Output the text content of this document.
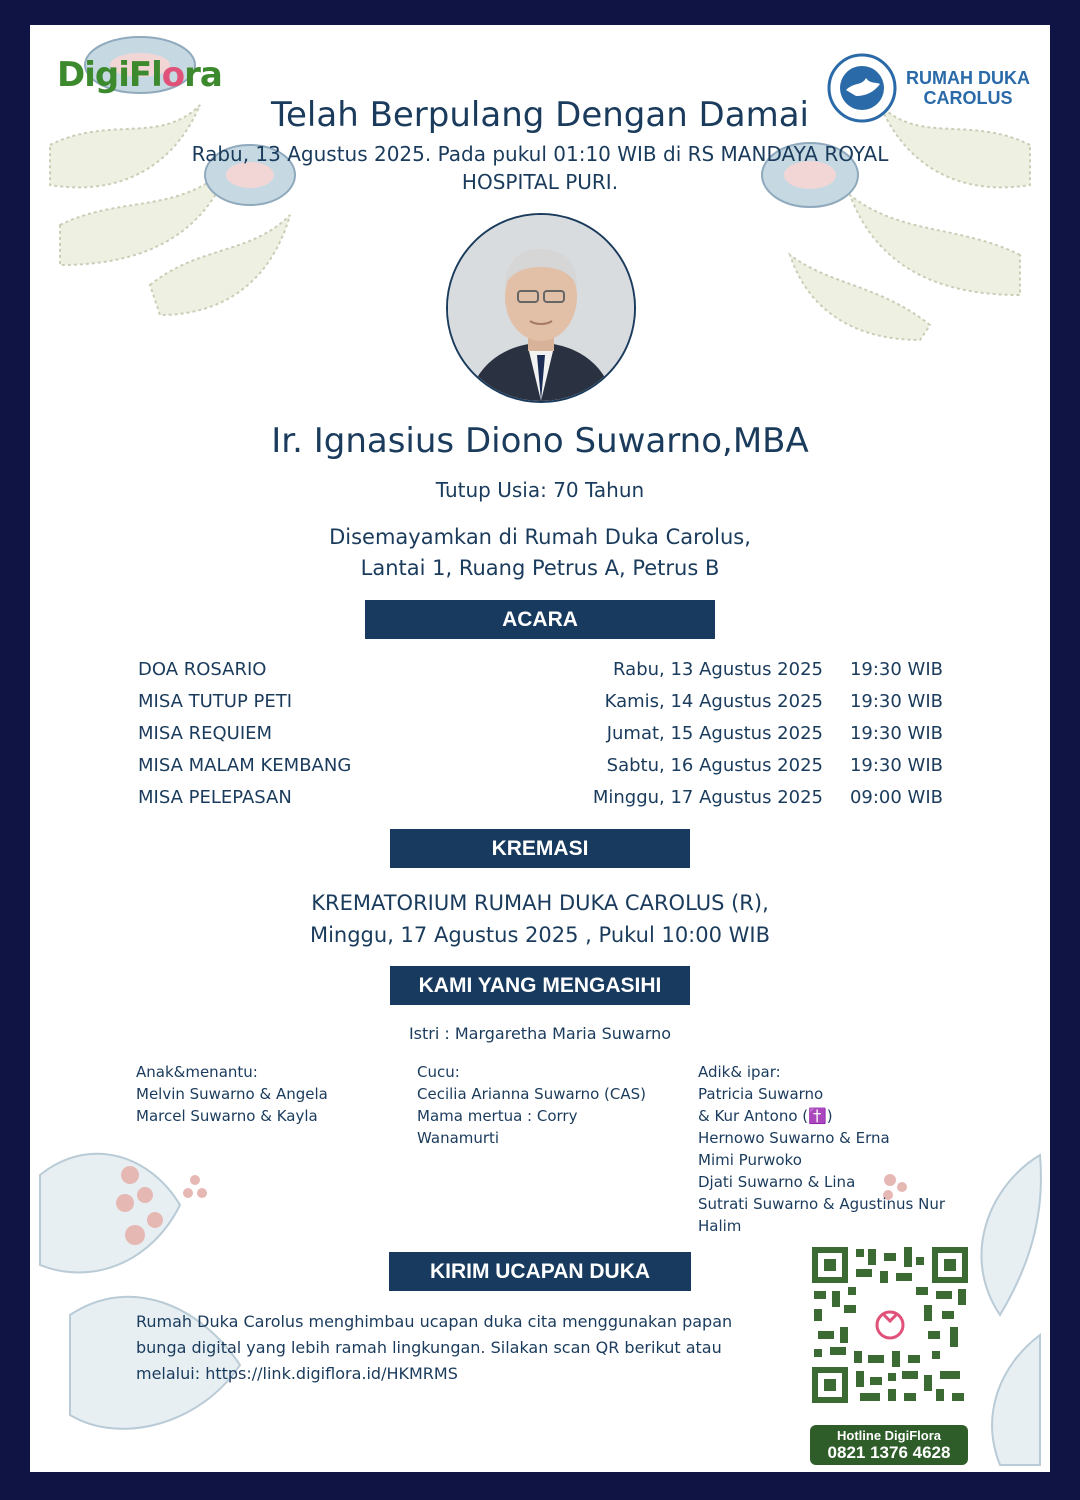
DigiFlora	RUMAH DUKA
CAROLUS
Telah Berpulang Dengan Damai
Rabu, 13 Agustus 2025. Pada pukul 01:10 WIB di RS MANDAYA ROYAL HOSPITAL PURI.
Ir. Ignasius Diono Suwarno,MBA
Tutup Usia: 70 Tahun
Disemayamkan di Rumah Duka Carolus,
Lantai 1, Ruang Petrus A, Petrus B
ACARA
DOA ROSARIO	Rabu, 13 Agustus 2025 19:30 WIB
MISA TUTUP PETI	Kamis, 14 Agustus 2025 19:30 WIB
MISA REQUIEM	Jumat, 15 Agustus 2025 19:30 WIB
MISA MALAM KEMBANG	Sabtu, 16 Agustus 2025 19:30 WIB
MISA PELEPASAN	Minggu, 17 Agustus 2025 09:00 WIB
KREMASI
KREMATORIUM RUMAH DUKA CAROLUS (R),
Minggu, 17 Agustus 2025 , Pukul 10:00 WIB
KAMI YANG MENGASIHI
Istri : Margaretha Maria Suwarno
Anak&menantu:
Melvin Suwarno & Angela
Marcel Suwarno & Kayla
Cucu:
Cecilia Arianna Suwarno (CAS)
Mama mertua : Corry
Wanamurti
Adik& ipar:
Patricia Suwarno
& Kur Antono (✝️)
Hernowo Suwarno & Erna
Mimi Purwoko
Djati Suwarno & Lina
Sutrati Suwarno & Agustinus Nur
Halim
KIRIM UCAPAN DUKA
Rumah Duka Carolus menghimbau ucapan duka cita menggunakan papan bunga digital yang lebih ramah lingkungan. Silakan scan QR berikut atau melalui: https://link.digiflora.id/HKMRMS
Hotline DigiFlora
0821 1376 4628
